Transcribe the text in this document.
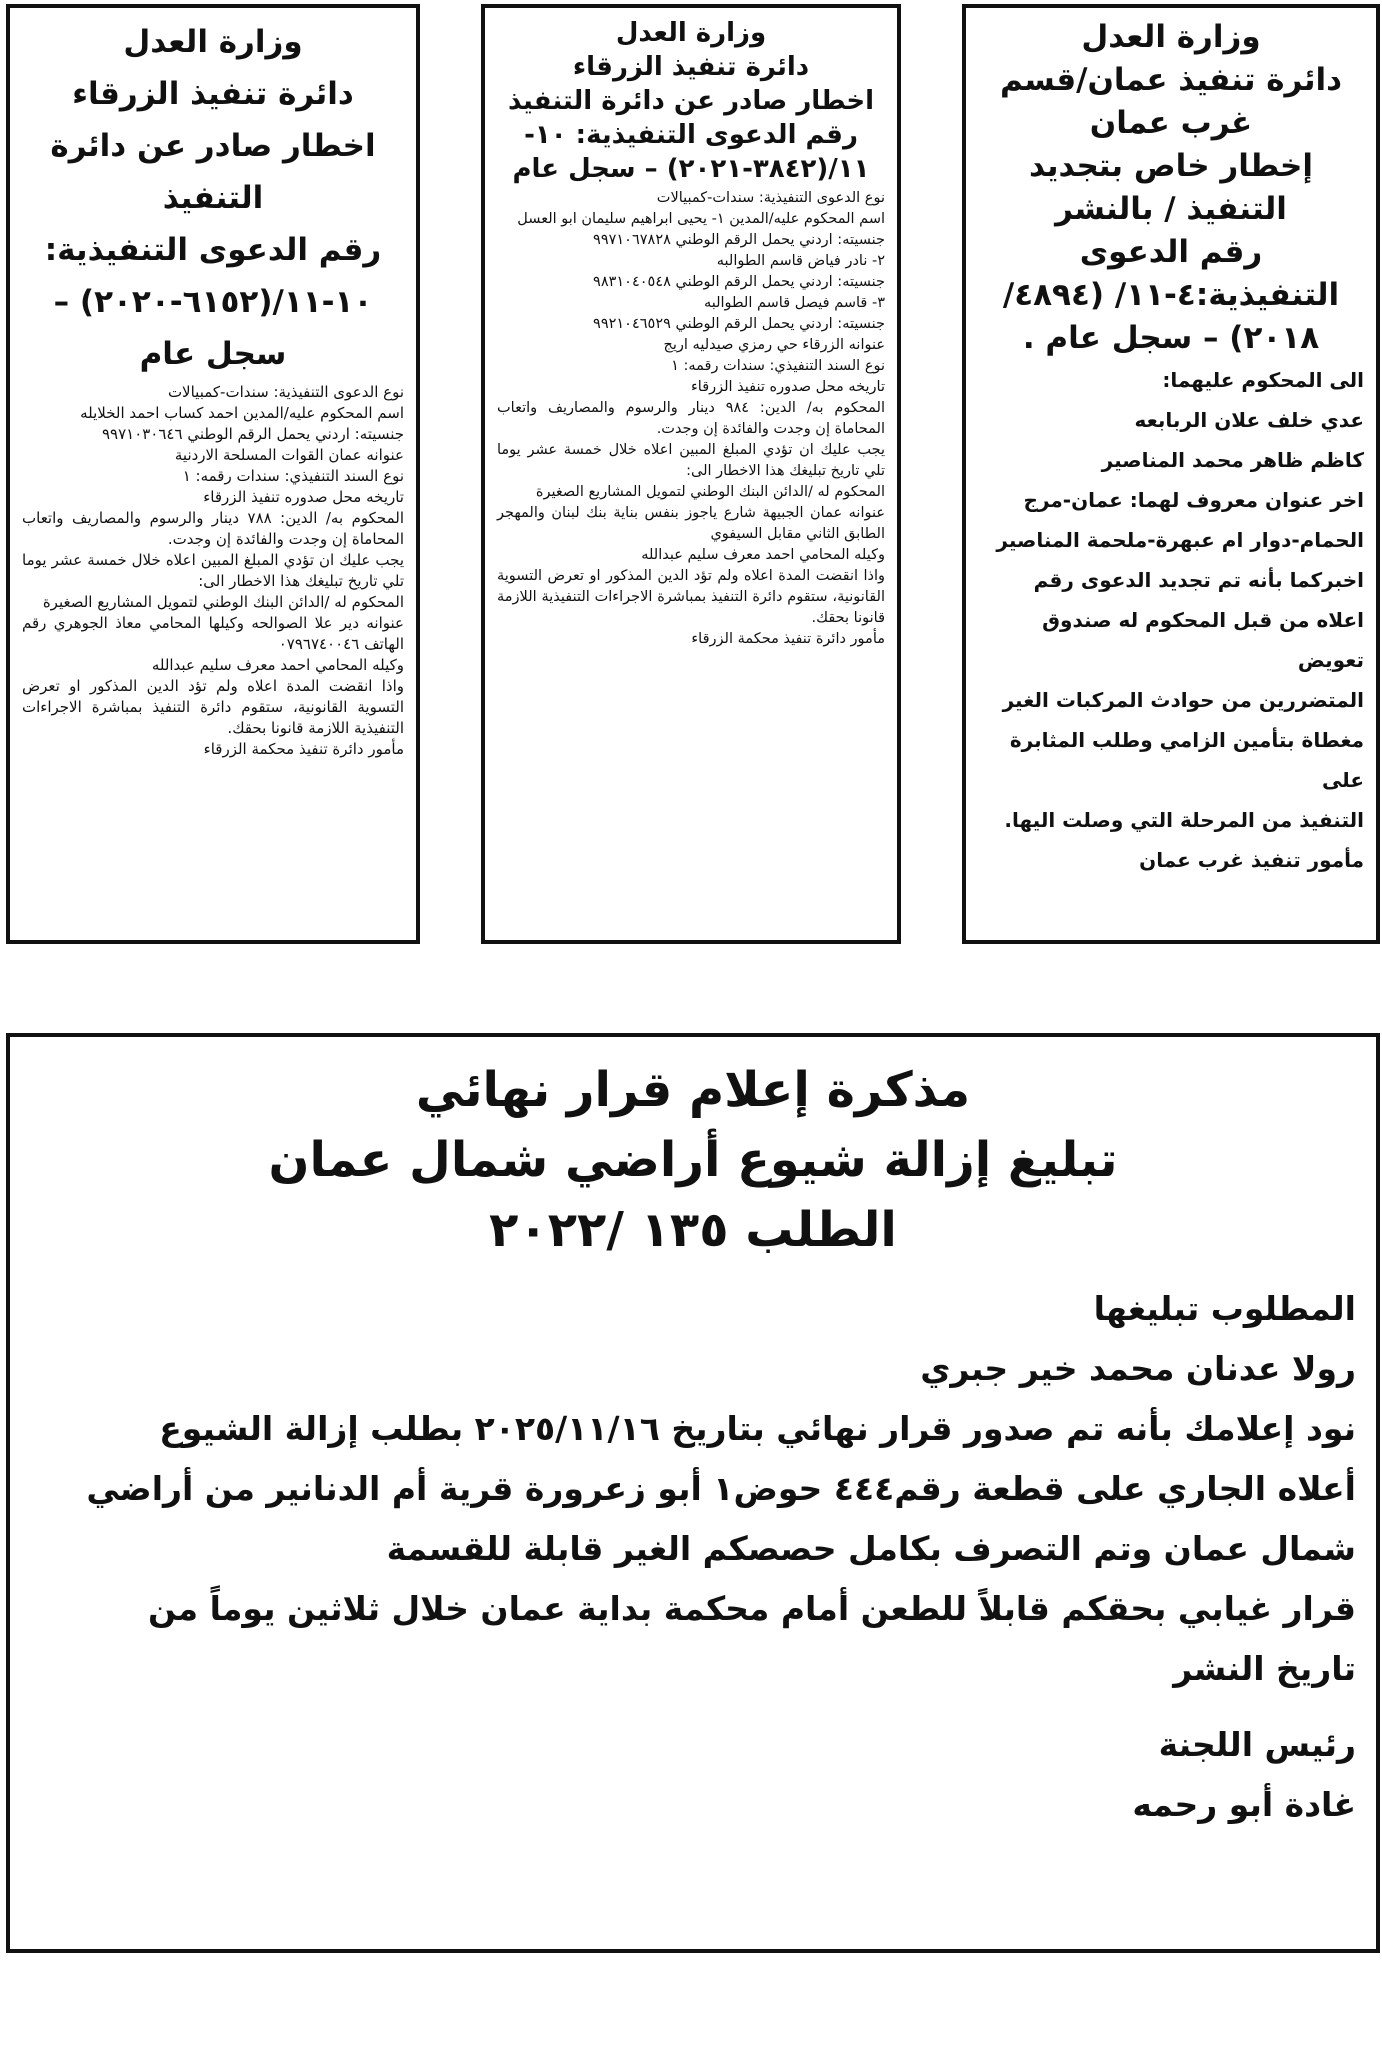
وزارة العدل

دائرة تنفيذ عمان/قسم

غرب عمان

إخطار خاص بتجديد

التنفيذ / بالنشر

رقم الدعوى

التنفيذية:٤-١١/ (٤٨٩٤/

٢٠١٨) – سجل عام .

الى المحكوم عليهما:

عدي خلف علان الربابعه

كاظم ظاهر محمد المناصير

اخر عنوان معروف لهما: عمان-مرج

الحمام-دوار ام عبهرة-ملحمة المناصير

اخبركما بأنه تم تجديد الدعوى رقم

اعلاه من قبل المحكوم له صندوق تعويض

المتضررين من حوادث المركبات الغير

مغطاة بتأمين الزامي وطلب المثابرة على

التنفيذ من المرحلة التي وصلت اليها.

مأمور تنفيذ غرب عمان

وزارة العدل

دائرة تنفيذ الزرقاء

اخطار صادر عن دائرة التنفيذ

رقم الدعوى التنفيذية: ١٠-

١١/(٣٨٤٢-٢٠٢١) – سجل عام

نوع الدعوى التنفيذية: سندات-كمبيالات

اسم المحكوم عليه/المدين ١- يحيى ابراهيم سليمان ابو العسل

جنسيته: اردني يحمل الرقم الوطني ٩٩٧١٠٦٧٨٢٨

٢- نادر فياض قاسم الطوالبه

جنسيته: اردني يحمل الرقم الوطني ٩٨٣١٠٤٠٥٤٨

٣- قاسم فيصل قاسم الطوالبه

جنسيته: اردني يحمل الرقم الوطني ٩٩٢١٠٤٦٥٢٩

عنوانه الزرقاء حي رمزي صيدليه اريج

نوع السند التنفيذي: سندات رقمه: ١

تاريخه محل صدوره تنفيذ الزرقاء

المحكوم به/ الدين: ٩٨٤ دينار والرسوم والمصاريف واتعاب المحاماة إن وجدت والفائدة إن وجدت.

يجب عليك ان تؤدي المبلغ المبين اعلاه خلال خمسة عشر يوما تلي تاريخ تبليغك هذا الاخطار الى:

المحكوم له /الدائن البنك الوطني لتمويل المشاريع الصغيرة

عنوانه عمان الجبيهة شارع ياجوز بنفس بناية بنك لبنان والمهجر الطابق الثاني مقابل السيفوي

وكيله المحامي احمد معرف سليم عبدالله

واذا انقضت المدة اعلاه ولم تؤد الدين المذكور او تعرض التسوية القانونية، ستقوم دائرة التنفيذ بمباشرة الاجراءات التنفيذية اللازمة قانونا بحقك.

مأمور دائرة تنفيذ محكمة الزرقاء

وزارة العدل

دائرة تنفيذ الزرقاء

اخطار صادر عن دائرة

التنفيذ

رقم الدعوى التنفيذية:

١٠-١١/(٦١٥٢-٢٠٢٠) –

سجل عام

نوع الدعوى التنفيذية: سندات-كمبيالات

اسم المحكوم عليه/المدين احمد كساب احمد الخلايله

جنسيته: اردني يحمل الرقم الوطني ٩٩٧١٠٣٠٦٤٦

عنوانه عمان القوات المسلحة الاردنية

نوع السند التنفيذي: سندات رقمه: ١

تاريخه محل صدوره تنفيذ الزرقاء

المحكوم به/ الدين: ٧٨٨ دينار والرسوم والمصاريف واتعاب المحاماة إن وجدت والفائدة إن وجدت.

يجب عليك ان تؤدي المبلغ المبين اعلاه خلال خمسة عشر يوما تلي تاريخ تبليغك هذا الاخطار الى:

المحكوم له /الدائن البنك الوطني لتمويل المشاريع الصغيرة

عنوانه دير علا الصوالحه وكيلها المحامي معاذ الجوهري رقم الهاتف ٠٧٩٦٧٤٠٠٤٦

وكيله المحامي احمد معرف سليم عبدالله

واذا انقضت المدة اعلاه ولم تؤد الدين المذكور او تعرض التسوية القانونية، ستقوم دائرة التنفيذ بمباشرة الاجراءات التنفيذية اللازمة قانونا بحقك.

مأمور دائرة تنفيذ محكمة الزرقاء

مذكرة إعلام قرار نهائي

تبليغ إزالة شيوع أراضي شمال عمان

الطلب ١٣٥ /٢٠٢٢

المطلوب تبليغها

رولا عدنان محمد خير جبري

نود إعلامك بأنه تم صدور قرار نهائي بتاريخ ٢٠٢٥/١١/١٦ بطلب إزالة الشيوع

أعلاه الجاري على قطعة رقم٤٤٤ حوض١ أبو زعرورة قرية أم الدنانير من أراضي

شمال عمان وتم التصرف بكامل حصصكم الغير قابلة للقسمة

قرار غيابي بحقكم قابلاً للطعن أمام محكمة بداية عمان خلال ثلاثين يوماً من

تاريخ النشر

رئيس اللجنة

غادة أبو رحمه
